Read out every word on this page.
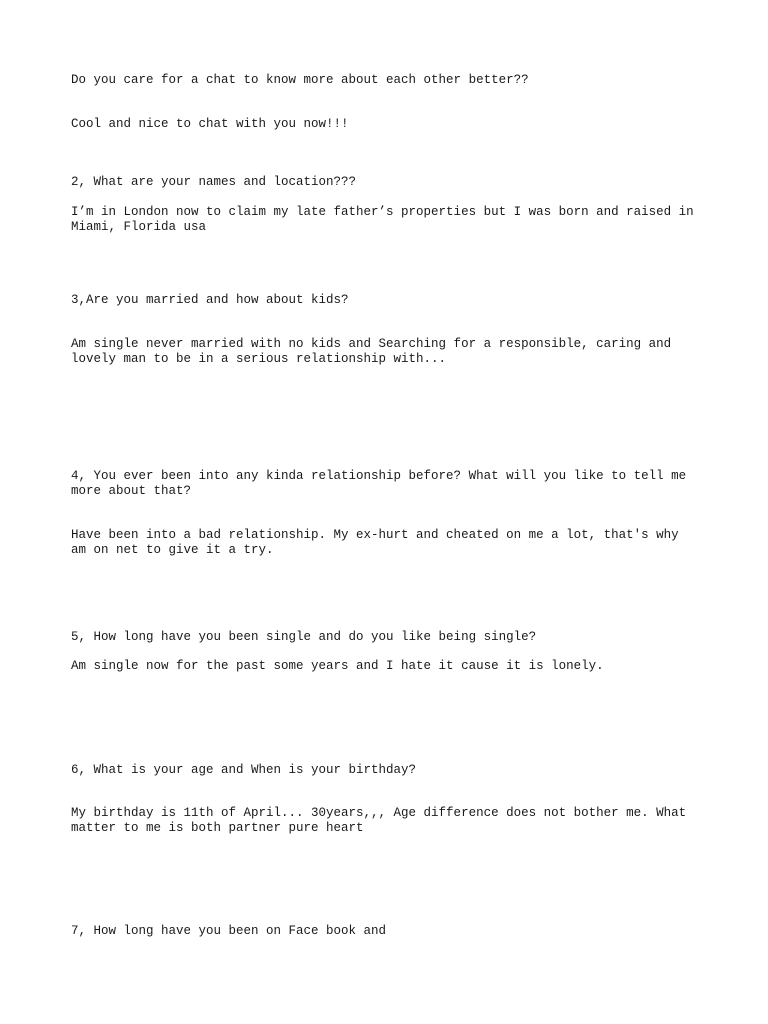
Do you care for a chat to know more about each other better??

Cool and nice to chat with you now!!!

2, What are your names and location???

I’m in London now to claim my late father’s properties but I was born and raised in
Miami, Florida usa

3,Are you married and how about kids?

Am single never married with no kids and Searching for a responsible, caring and
lovely man to be in a serious relationship with...

4, You ever been into any kinda relationship before? What will you like to tell me
more about that?

Have been into a bad relationship. My ex-hurt and cheated on me a lot, that's why
am on net to give it a try.

5, How long have you been single and do you like being single?

Am single now for the past some years and I hate it cause it is lonely.

6, What is your age and When is your birthday?

My birthday is 11th of April... 30years,,, Age difference does not bother me. What
matter to me is both partner pure heart

7, How long have you been on Face book and
